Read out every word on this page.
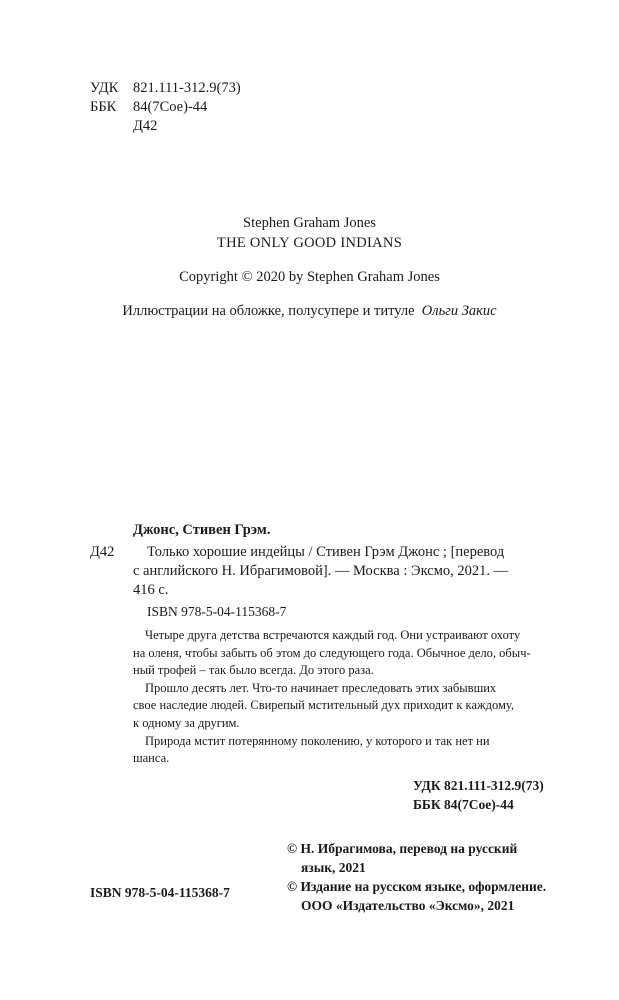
УДК 821.111-312.9(73)
ББК 84(7Сое)-44
Д42
Stephen Graham Jones
THE ONLY GOOD INDIANS
Copyright © 2020 by Stephen Graham Jones
Иллюстрации на обложке, полусупере и титуле Ольги Закис
Джонс, Стивен Грэм.
Д42 Только хорошие индейцы / Стивен Грэм Джонс ; [перевод
с английского Н. Ибрагимовой]. — Москва : Эксмо, 2021. —
416 с.
ISBN 978-5-04-115368-7
Четыре друга детства встречаются каждый год. Они устраивают охоту
на оленя, чтобы забыть об этом до следующего года. Обычное дело, обыч-
ный трофей – так было всегда. До этого раза.
Прошло десять лет. Что-то начинает преследовать этих забывших
свое наследие людей. Свирепый мстительный дух приходит к каждому,
к одному за другим.
Природа мстит потерянному поколению, у которого и так нет ни
шанса.
УДК 821.111-312.9(73)
ББК 84(7Сое)-44
© Н. Ибрагимова, перевод на русский
язык, 2021
© Издание на русском языке, оформление.
ООО «Издательство «Эксмо», 2021
ISBN 978-5-04-115368-7
